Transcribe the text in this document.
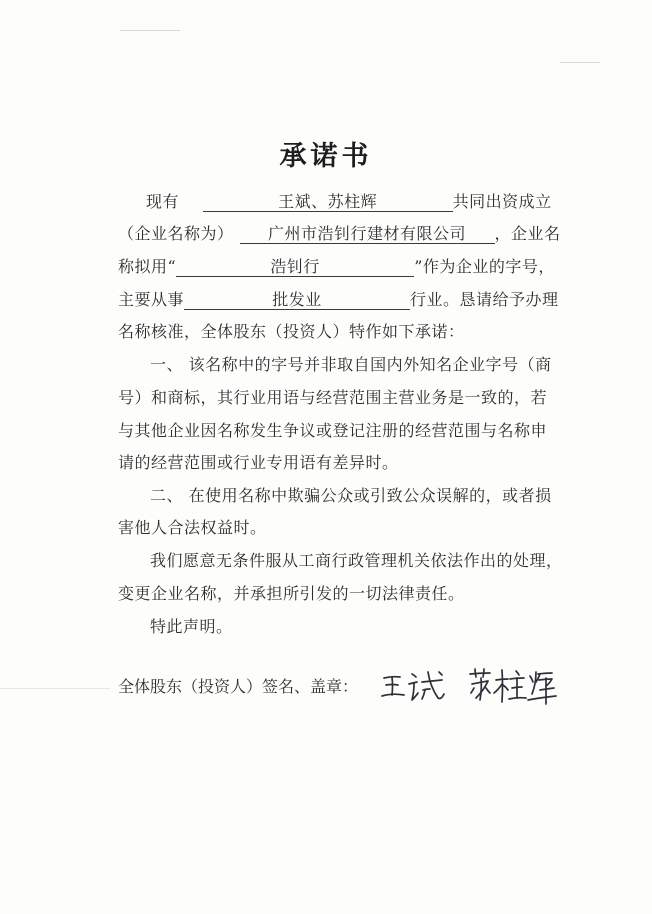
承诺书
现有	王斌、苏柱辉	共同出资成立
（企业名称为） 广州市浩钊行建材有限公司 ，企业名
称拟用“	浩钊行	”作为企业的字号，
主要从事	批发业	行业。恳请给予办理
名称核准，全体股东（投资人）特作如下承诺：
一、 该名称中的字号并非取自国内外知名企业字号（商
号）和商标，其行业用语与经营范围主营业务是一致的，若
与其他企业因名称发生争议或登记注册的经营范围与名称申
请的经营范围或行业专用语有差异时。
二、 在使用名称中欺骗公众或引致公众误解的，或者损
害他人合法权益时。
我们愿意无条件服从工商行政管理机关依法作出的处理，
变更企业名称，并承担所引发的一切法律责任。
特此声明。
全体股东（投资人）签名、盖章：
